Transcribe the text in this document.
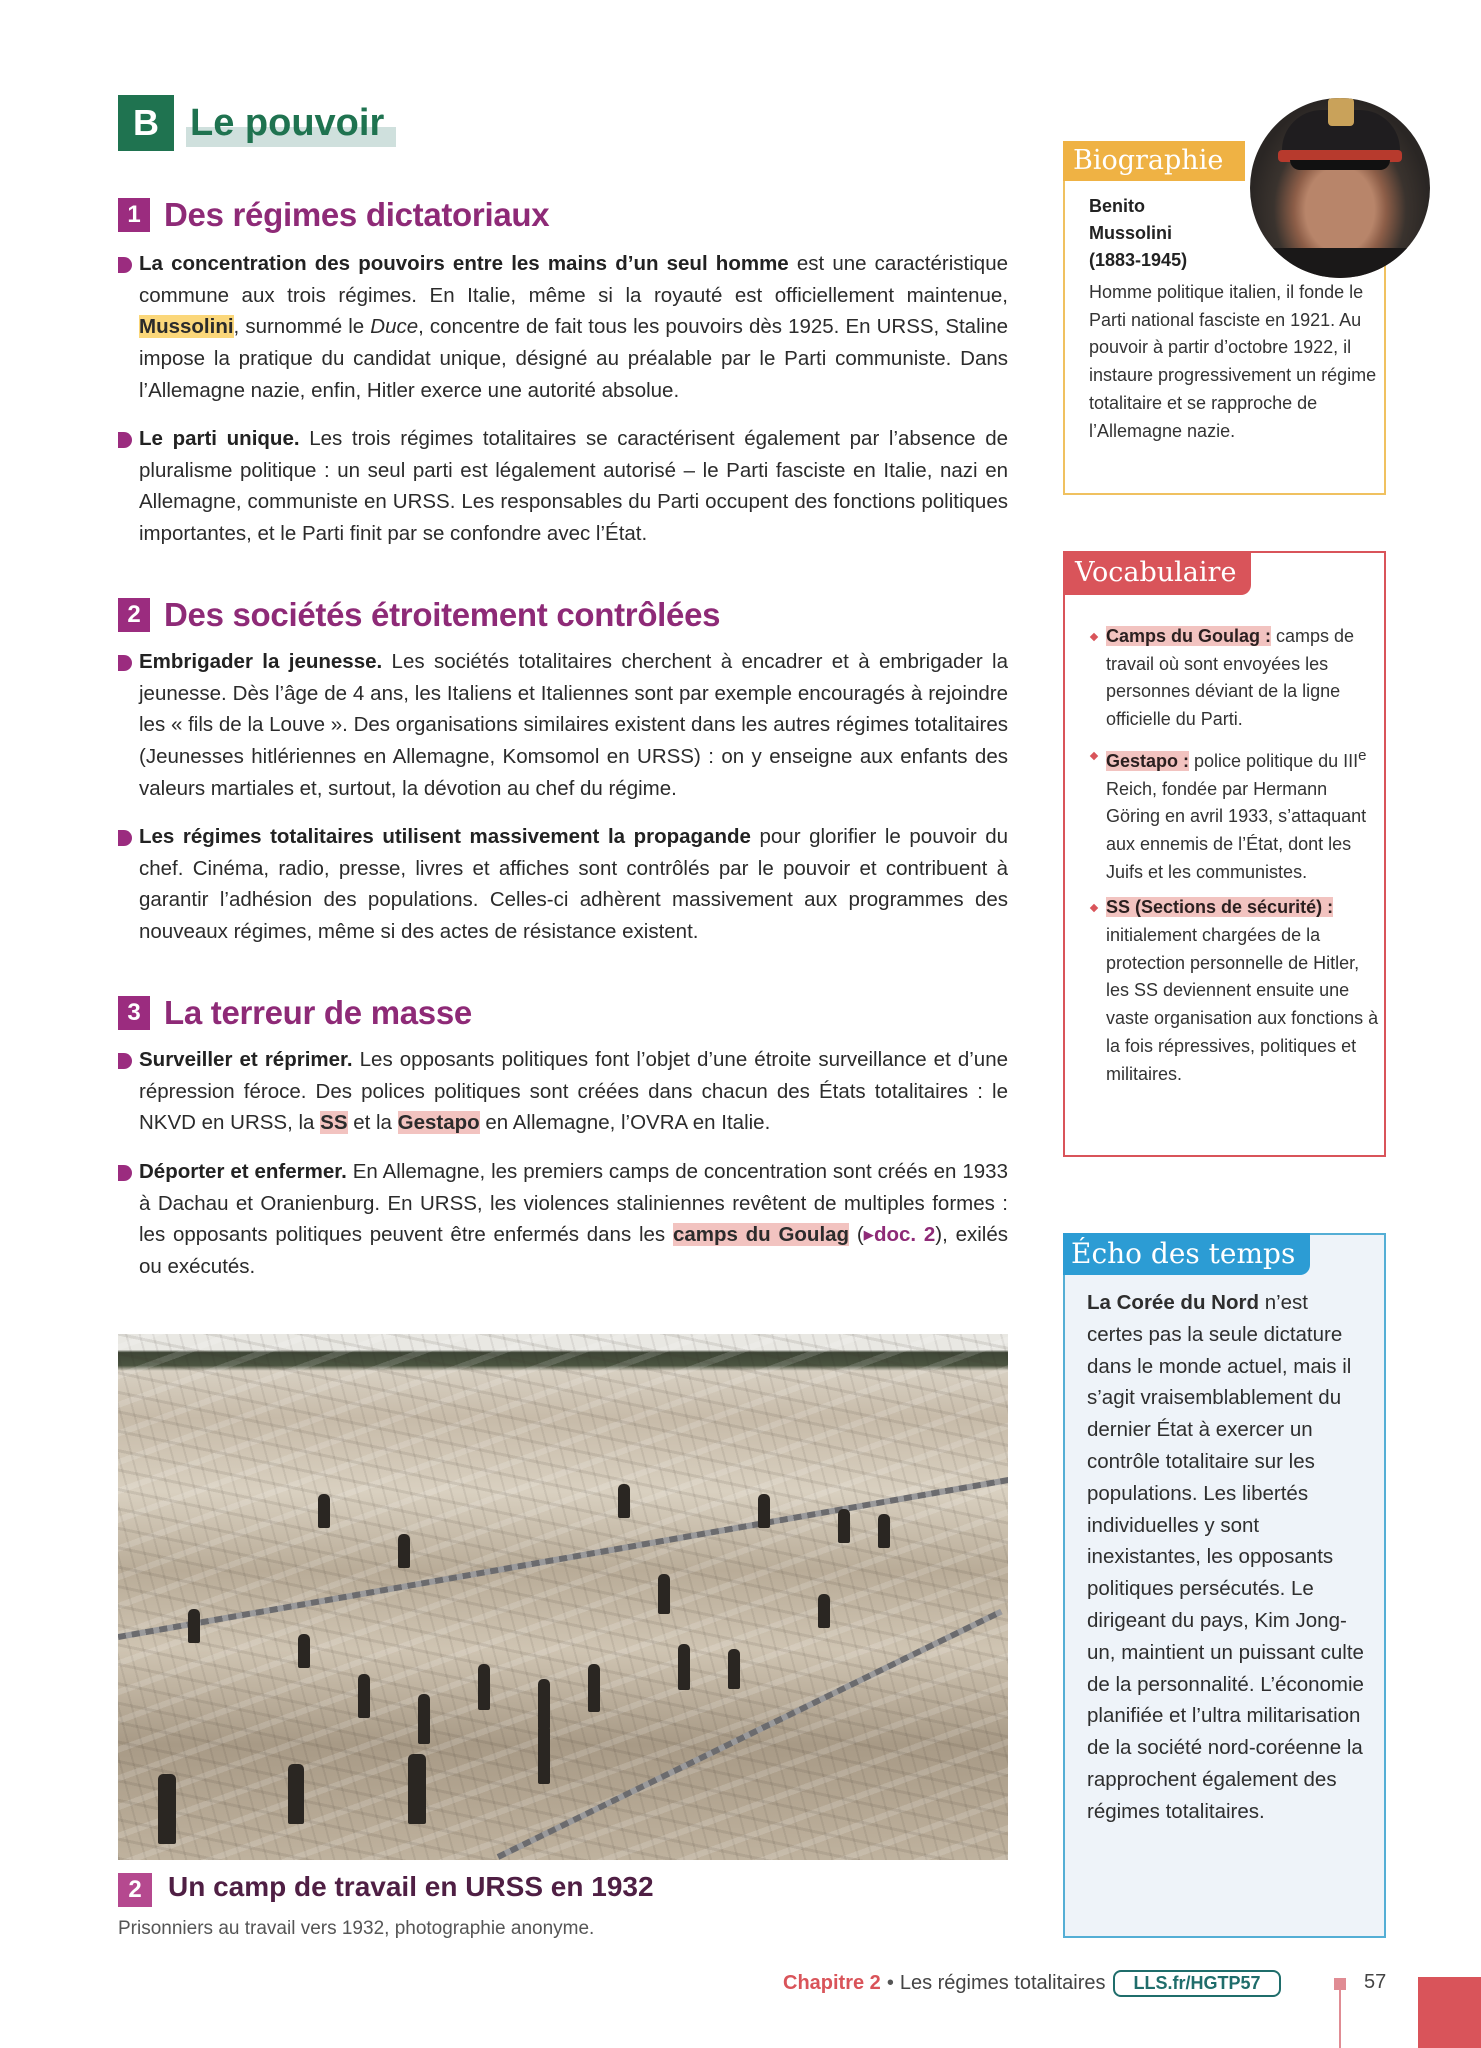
B Le pouvoir
1 Des régimes dictatoriaux
La concentration des pouvoirs entre les mains d’un seul homme est une caractéristique commune aux trois régimes. En Italie, même si la royauté est officiellement maintenue, Mussolini, surnommé le Duce, concentre de fait tous les pouvoirs dès 1925. En URSS, Staline impose la pratique du candidat unique, désigné au préalable par le Parti communiste. Dans l’Allemagne nazie, enfin, Hitler exerce une autorité absolue.
Le parti unique. Les trois régimes totalitaires se caractérisent également par l’absence de pluralisme politique : un seul parti est légalement autorisé – le Parti fasciste en Italie, nazi en Allemagne, communiste en URSS. Les responsables du Parti occupent des fonctions politiques importantes, et le Parti finit par se confondre avec l’État.
2 Des sociétés étroitement contrôlées
Embrigader la jeunesse. Les sociétés totalitaires cherchent à encadrer et à embrigader la jeunesse. Dès l’âge de 4 ans, les Italiens et Italiennes sont par exemple encouragés à rejoindre les « fils de la Louve ». Des organisations similaires existent dans les autres régimes totalitaires (Jeunesses hitlériennes en Allemagne, Komsomol en URSS) : on y enseigne aux enfants des valeurs martiales et, surtout, la dévotion au chef du régime.
Les régimes totalitaires utilisent massivement la propagande pour glorifier le pouvoir du chef. Cinéma, radio, presse, livres et affiches sont contrôlés par le pouvoir et contribuent à garantir l’adhésion des populations. Celles-ci adhèrent massivement aux programmes des nouveaux régimes, même si des actes de résistance existent.
3 La terreur de masse
Surveiller et réprimer. Les opposants politiques font l’objet d’une étroite surveillance et d’une répression féroce. Des polices politiques sont créées dans chacun des États totalitaires : le NKVD en URSS, la SS et la Gestapo en Allemagne, l’OVRA en Italie.
Déporter et enfermer. En Allemagne, les premiers camps de concentration sont créés en 1933 à Dachau et Oranienburg. En URSS, les violences staliniennes revêtent de multiples formes : les opposants politiques peuvent être enfermés dans les camps du Goulag (▸doc. 2), exilés ou exécutés.
2 Un camp de travail en URSS en 1932
Prisonniers au travail vers 1932, photographie anonyme.
Biographie
Benito
Mussolini
(1883-1945)
Homme politique italien, il fonde le Parti national fasciste en 1921. Au pouvoir à partir d’octobre 1922, il instaure progressivement un régime totalitaire et se rapproche de l’Allemagne nazie.
Vocabulaire
Camps du Goulag : camps de travail où sont envoyées les personnes déviant de la ligne officielle du Parti.
Gestapo : police politique du IIIe Reich, fondée par Hermann Göring en avril 1933, s’attaquant aux ennemis de l’État, dont les Juifs et les communistes.
SS (Sections de sécurité) : initialement chargées de la protection personnelle de Hitler, les SS deviennent ensuite une vaste organisation aux fonctions à la fois répressives, politiques et militaires.
Écho des temps
La Corée du Nord n’est certes pas la seule dictature dans le monde actuel, mais il s’agit vraisemblablement du dernier État à exercer un contrôle totalitaire sur les populations. Les libertés individuelles y sont inexistantes, les opposants politiques persécutés. Le dirigeant du pays, Kim Jong-un, maintient un puissant culte de la personnalité. L’économie planifiée et l’ultra militarisation de la société nord-coréenne la rapprochent également des régimes totalitaires.
Chapitre 2 • Les régimes totalitaires	LLS.fr/HGTP57	57
